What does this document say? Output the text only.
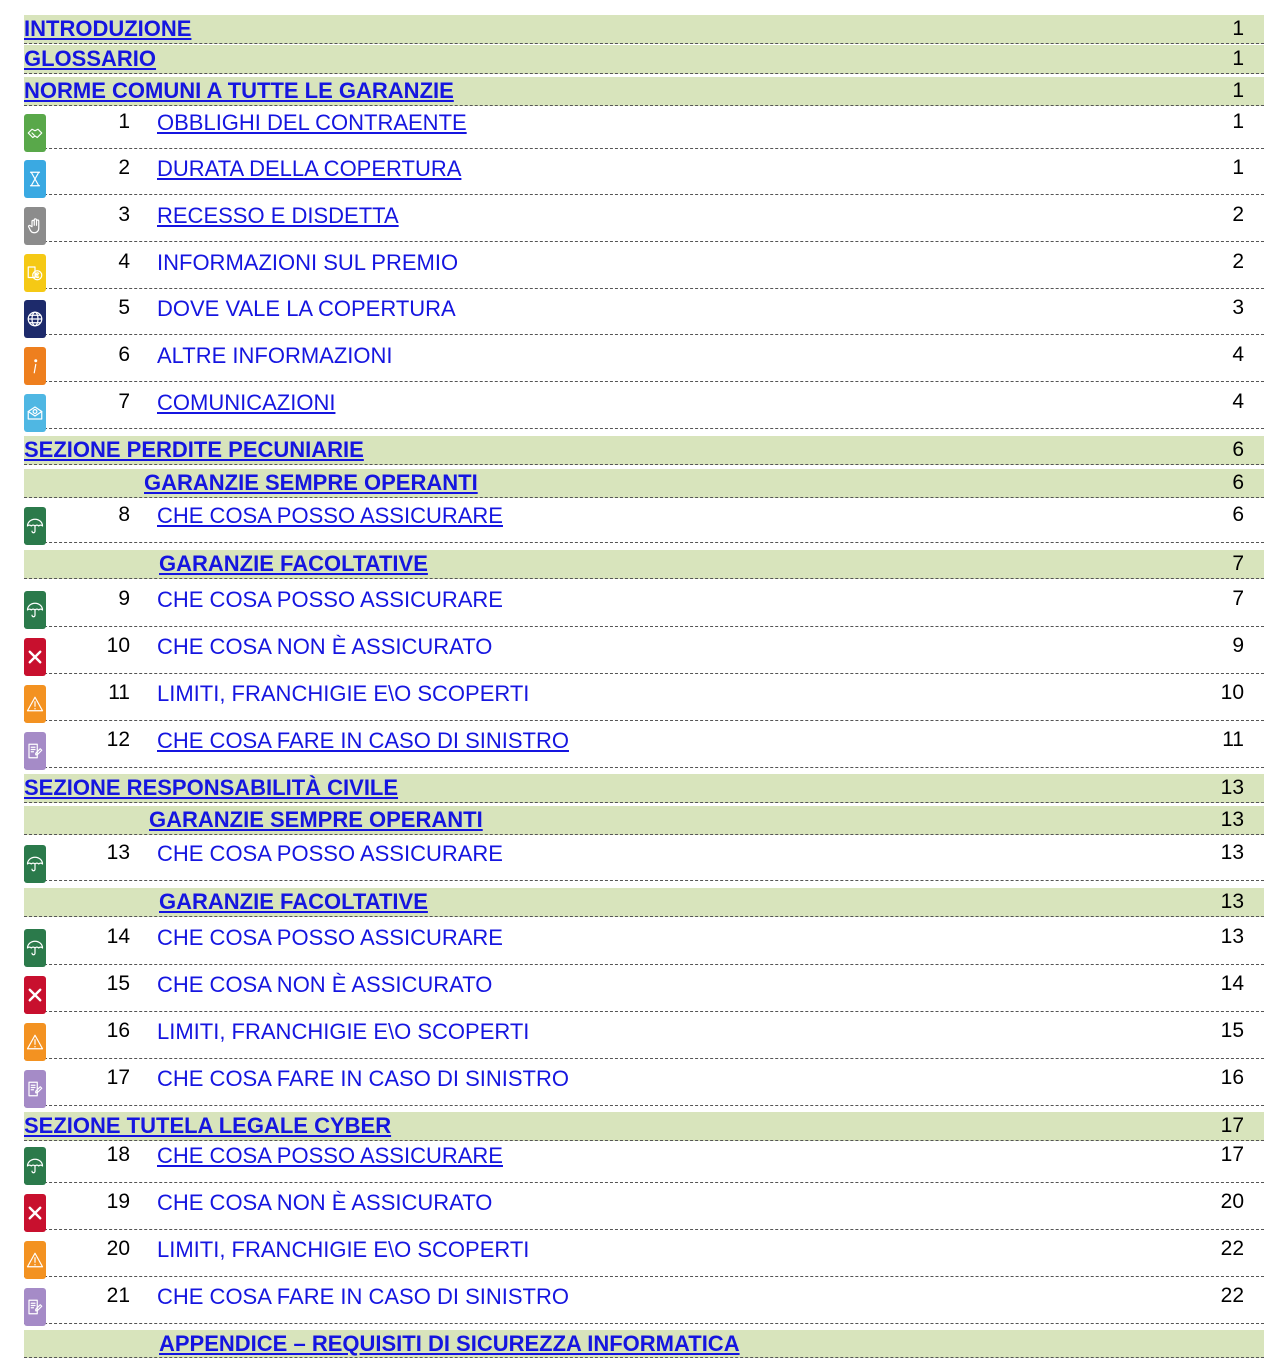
INTRODUZIONE	1
GLOSSARIO	1
NORME COMUNI A TUTTE LE GARANZIE	1
1 OBBLIGHI DEL CONTRAENTE	1
2 DURATA DELLA COPERTURA	1
3 RECESSO E DISDETTA	2
4 INFORMAZIONI SUL PREMIO	2
5 DOVE VALE LA COPERTURA	3
6 ALTRE INFORMAZIONI	4
7 COMUNICAZIONI	4
SEZIONE PERDITE PECUNIARIE	6
GARANZIE SEMPRE OPERANTI	6
8 CHE COSA POSSO ASSICURARE	6
GARANZIE FACOLTATIVE	7
9 CHE COSA POSSO ASSICURARE	7
10 CHE COSA NON È ASSICURATO	9
11 LIMITI, FRANCHIGIE E\O SCOPERTI	10
12 CHE COSA FARE IN CASO DI SINISTRO	11
SEZIONE RESPONSABILITÀ CIVILE	13
GARANZIE SEMPRE OPERANTI	13
13 CHE COSA POSSO ASSICURARE	13
GARANZIE FACOLTATIVE	13
14 CHE COSA POSSO ASSICURARE	13
15 CHE COSA NON È ASSICURATO	14
16 LIMITI, FRANCHIGIE E\O SCOPERTI	15
17 CHE COSA FARE IN CASO DI SINISTRO	16
SEZIONE TUTELA LEGALE CYBER	17
18 CHE COSA POSSO ASSICURARE	17
19 CHE COSA NON È ASSICURATO	20
20 LIMITI, FRANCHIGIE E\O SCOPERTI	22
21 CHE COSA FARE IN CASO DI SINISTRO	22
APPENDICE – REQUISITI DI SICUREZZA INFORMATICA
